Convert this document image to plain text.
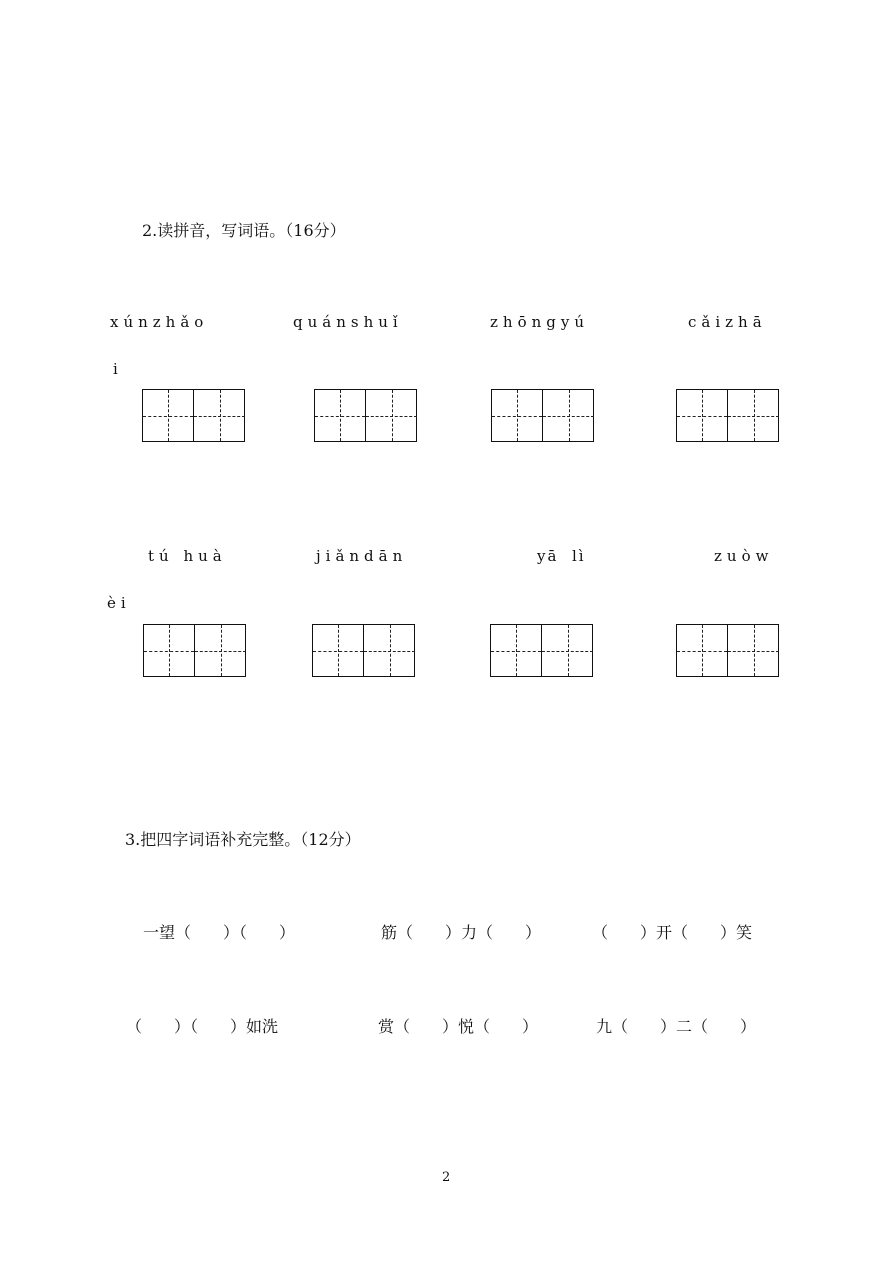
2.读拼音，写词语。（16分）
xúnzhǎo	quánshuǐ	zhōngyú	cǎizhā
i
tú huà	jiǎndān	yā  lì	zuòw
èi
3.把四字词语补充完整。（12分）
一望（　　）（　　）	筋（　　）力（　　）	（　　）开（　　）笑
（　　）（　　）如洗	赏（　　）悦（　　）	九（　　）二（　　）
2
